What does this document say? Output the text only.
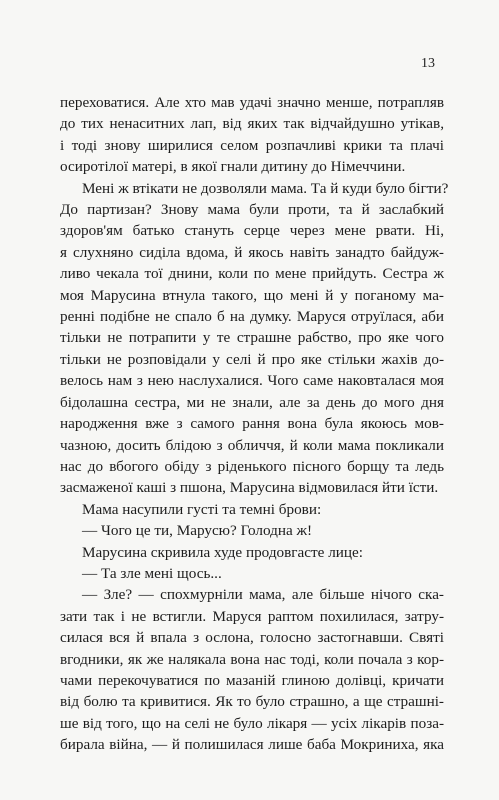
13
переховатися. Але хто мав удачі значно менше, потрапляв
до тих ненаситних лап, від яких так відчайдушно утікав,
і тоді знову ширилися селом розпачливі крики та плачі
осиротілої матері, в якої гнали дитину до Німеччини.
Мені ж втікати не дозволяли мама. Та й куди було бігти?
До партизан? Знову мама були проти, та й заслабкий
здоров'ям батько стануть серце через мене рвати. Ні,
я слухняно сиділа вдома, й якось навіть занадто байдуж-
ливо чекала тої днини, коли по мене прийдуть. Сестра ж
моя Марусина втнула такого, що мені й у поганому ма-
ренні подібне не спало б на думку. Маруся отруїлася, аби
тільки не потрапити у те страшне рабство, про яке чого
тільки не розповідали у селі й про яке стільки жахів до-
велось нам з нею наслухалися. Чого саме наковталася моя
бідолашна сестра, ми не знали, але за день до мого дня
народження вже з самого рання вона була якоюсь мов-
чазною, досить блідою з обличчя, й коли мама покликали
нас до вбогого обіду з ріденького пісного борщу та ледь
засмаженої каші з пшона, Марусина відмовилася йти їсти.
Мама насупили густі та темні брови:
— Чого це ти, Марусю? Голодна ж!
Марусина скривила худе продовгасте лице:
— Та зле мені щось...
— Зле? — спохмурніли мама, але більше нічого ска-
зати так і не встигли. Маруся раптом похилилася, затру-
силася вся й впала з ослона, голосно застогнавши. Святі
вгодники, як же налякала вона нас тоді, коли почала з кор-
чами перекочуватися по мазаній глиною долівці, кричати
від болю та кривитися. Як то було страшно, а ще страшні-
ше від того, що на селі не було лікаря — усіх лікарів поза-
бирала війна, — й полишилася лише баба Мокриниха, яка
